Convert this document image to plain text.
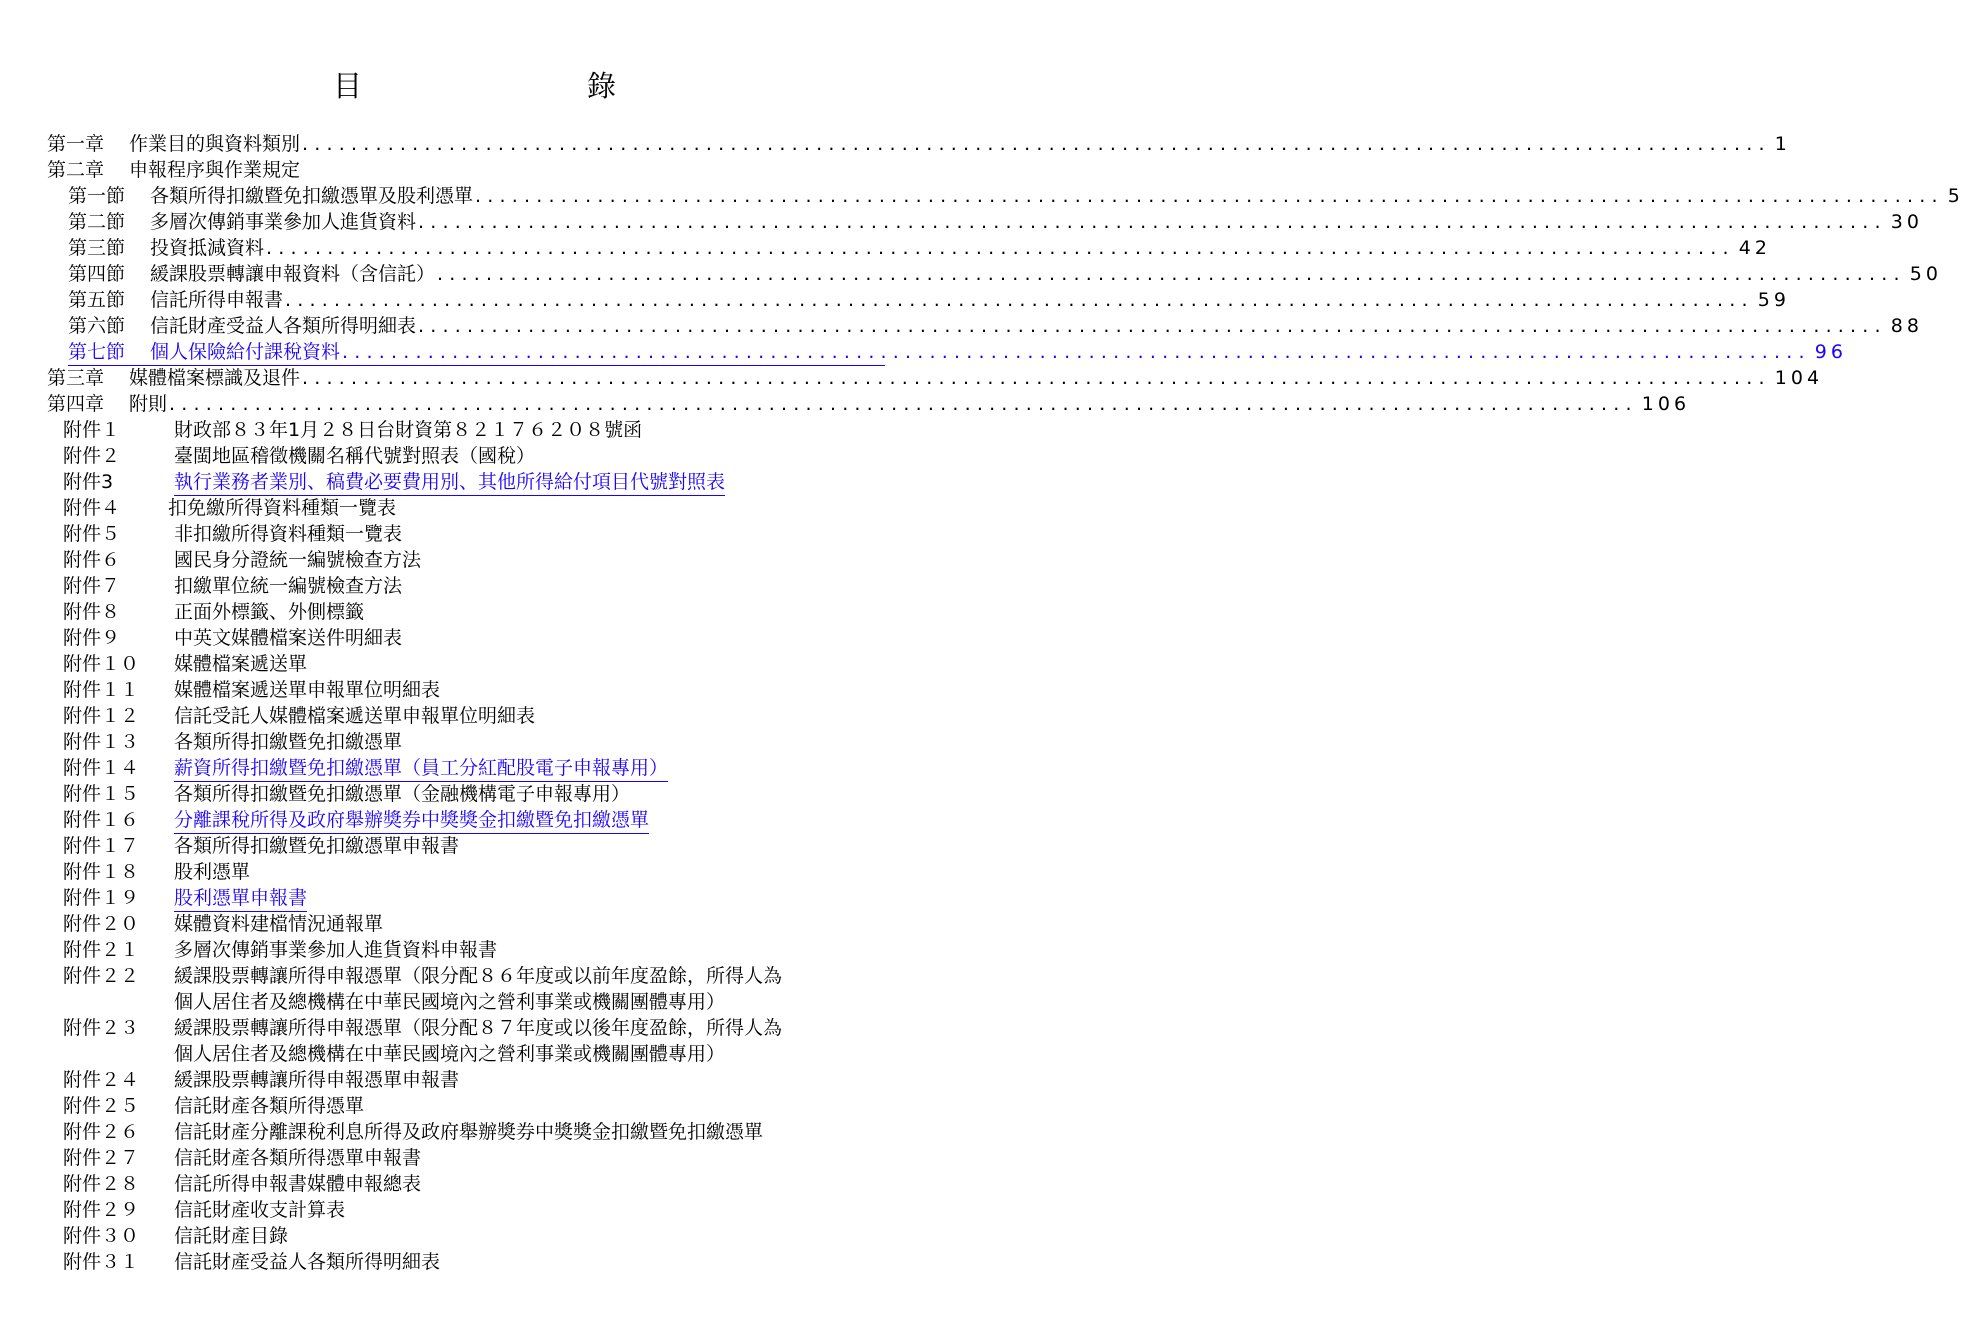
目	錄
第一章 作業目的與資料類別 ........................................................................................................................ 1
第二章 申報程序與作業規定
第一節 各類所得扣繳暨免扣繳憑單及股利憑單 ........................................................................................................................ 5
第二節 多層次傳銷事業參加人進貨資料 ........................................................................................................................ 30
第三節 投資抵減資料 ........................................................................................................................ 42
第四節 緩課股票轉讓申報資料（含信託） ........................................................................................................................ 50
第五節 信託所得申報書 ........................................................................................................................ 59
第六節 信託財產受益人各類所得明細表 ........................................................................................................................ 88
第七節 個人保險給付課稅資料 ........................................................................................................................ 96
第三章 媒體檔案標識及退件 ........................................................................................................................ 104
第四章 附則 ........................................................................................................................ 106
附件１	財政部８３年1月２８日台財資第８２１７６２０８號函
附件２	臺閩地區稽徵機關名稱代號對照表（國稅）
附件3	執行業務者業別、稿費必要費用別、其他所得給付項目代號對照表
附件４	扣免繳所得資料種類一覽表
附件５	非扣繳所得資料種類一覽表
附件６	國民身分證統一編號檢查方法
附件７	扣繳單位統一編號檢查方法
附件８	正面外標籤、外側標籤
附件９	中英文媒體檔案送件明細表
附件１０ 媒體檔案遞送單
附件１１ 媒體檔案遞送單申報單位明細表
附件１２ 信託受託人媒體檔案遞送單申報單位明細表
附件１３ 各類所得扣繳暨免扣繳憑單
附件１４ 薪資所得扣繳暨免扣繳憑單（員工分紅配股電子申報專用）
附件１５ 各類所得扣繳暨免扣繳憑單（金融機構電子申報專用）
附件１６ 分離課稅所得及政府舉辦獎券中獎獎金扣繳暨免扣繳憑單
附件１７ 各類所得扣繳暨免扣繳憑單申報書
附件１８ 股利憑單
附件１９ 股利憑單申報書
附件２０ 媒體資料建檔情況通報單
附件２１ 多層次傳銷事業參加人進貨資料申報書
附件２２ 緩課股票轉讓所得申報憑單（限分配８６年度或以前年度盈餘，所得人為
個人居住者及總機構在中華民國境內之營利事業或機關團體專用）
附件２３ 緩課股票轉讓所得申報憑單（限分配８７年度或以後年度盈餘，所得人為
個人居住者及總機構在中華民國境內之營利事業或機關團體專用）
附件２４ 緩課股票轉讓所得申報憑單申報書
附件２５ 信託財產各類所得憑單
附件２６ 信託財產分離課稅利息所得及政府舉辦獎券中獎獎金扣繳暨免扣繳憑單
附件２７ 信託財產各類所得憑單申報書
附件２８ 信託所得申報書媒體申報總表
附件２９ 信託財產收支計算表
附件３０ 信託財產目錄
附件３１ 信託財產受益人各類所得明細表
